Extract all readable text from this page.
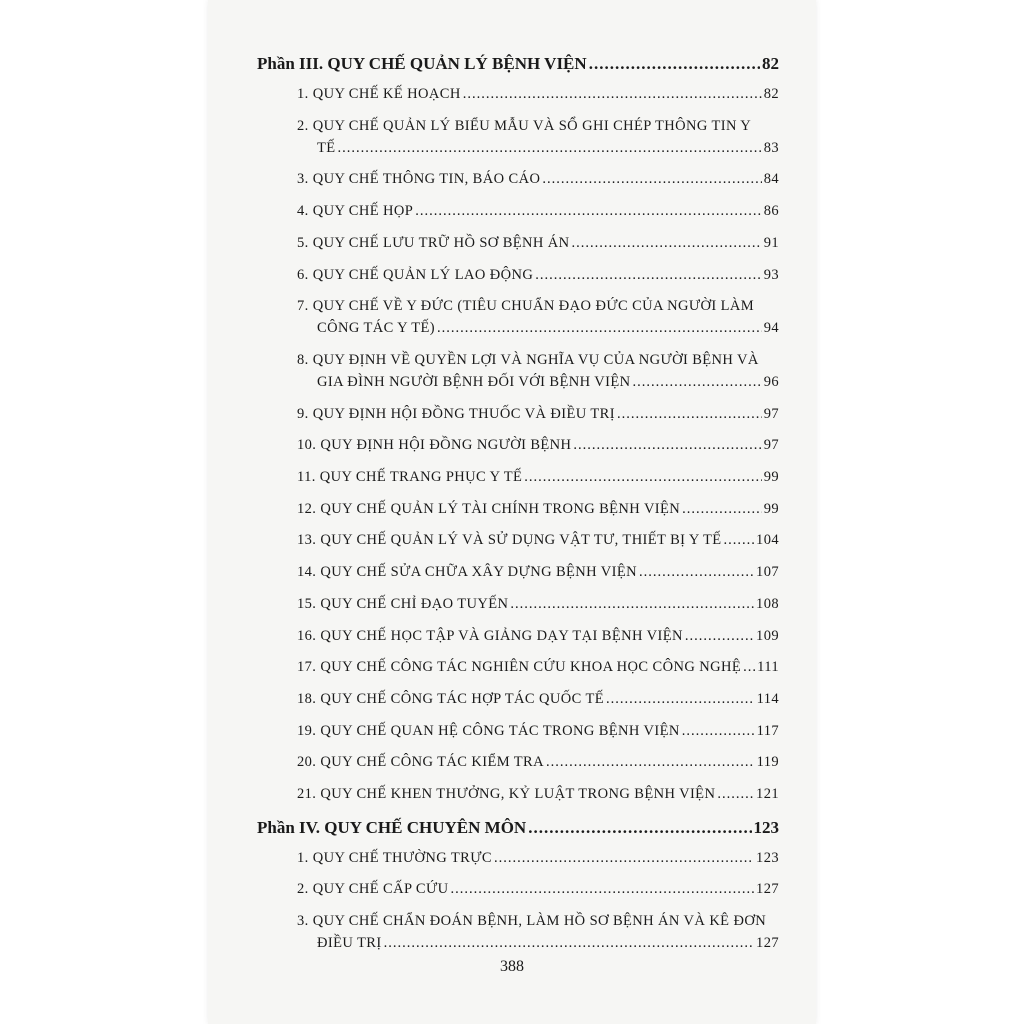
Phần III. QUY CHẾ QUẢN LÝ BỆNH VIỆN .....	82
1. QUY CHẾ KẾ HOẠCH .....	82
2. QUY CHẾ QUẢN LÝ BIỂU MẪU VÀ SỔ GHI CHÉP THÔNG TIN Y
TẾ .....	83
3. QUY CHẾ THÔNG TIN, BÁO CÁO .....	84
4. QUY CHẾ HỌP .....	86
5. QUY CHẾ LƯU TRỮ HỒ SƠ BỆNH ÁN .....	91
6. QUY CHẾ QUẢN LÝ LAO ĐỘNG .....	93
7. QUY CHẾ VỀ Y ĐỨC (TIÊU CHUẨN ĐẠO ĐỨC CỦA NGƯỜI LÀM
CÔNG TÁC Y TẾ) .....	94
8. QUY ĐỊNH VỀ QUYỀN LỢI VÀ NGHĨA VỤ CỦA NGƯỜI BỆNH VÀ
GIA ĐÌNH NGƯỜI BỆNH ĐỐI VỚI BỆNH VIỆN .....	96
9. QUY ĐỊNH HỘI ĐỒNG THUỐC VÀ ĐIỀU TRỊ .....	97
10. QUY ĐỊNH HỘI ĐỒNG NGƯỜI BỆNH .....	97
11. QUY CHẾ TRANG PHỤC Y TẾ .....	99
12. QUY CHẾ QUẢN LÝ TÀI CHÍNH TRONG BỆNH VIỆN .....	99
13. QUY CHẾ QUẢN LÝ VÀ SỬ DỤNG VẬT TƯ, THIẾT BỊ Y TẾ ..... 104
14. QUY CHẾ SỬA CHỮA XÂY DỰNG BỆNH VIỆN .....	107
15. QUY CHẾ CHỈ ĐẠO TUYẾN .....	108
16. QUY CHẾ HỌC TẬP VÀ GIẢNG DẠY TẠI BỆNH VIỆN .....	109
17. QUY CHẾ CÔNG TÁC NGHIÊN CỨU KHOA HỌC CÔNG NGHỆ ..... 111
18. QUY CHẾ CÔNG TÁC HỢP TÁC QUỐC TẾ .....	114
19. QUY CHẾ QUAN HỆ CÔNG TÁC TRONG BỆNH VIỆN .....	117
20. QUY CHẾ CÔNG TÁC KIỂM TRA .....	119
21. QUY CHẾ KHEN THƯỞNG, KỶ LUẬT TRONG BỆNH VIỆN .....	121
Phần IV. QUY CHẾ CHUYÊN MÔN .....	123
1. QUY CHẾ THƯỜNG TRỰC .....	123
2. QUY CHẾ CẤP CỨU .....	127
3. QUY CHẾ CHẨN ĐOÁN BỆNH, LÀM HỒ SƠ BỆNH ÁN VÀ KÊ ĐƠN
ĐIỀU TRỊ .....	127
388
